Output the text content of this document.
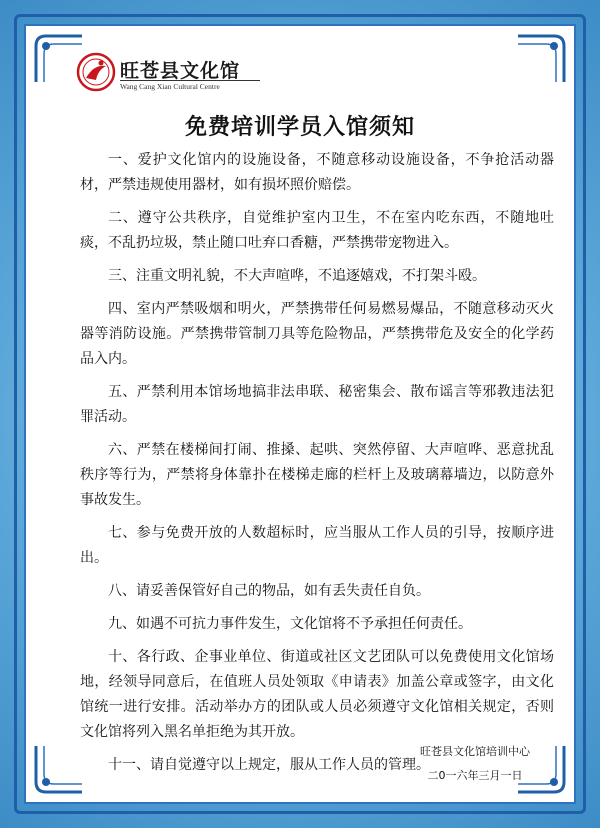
旺苍县文化馆
Wang Cang Xian Cultural Centre
免费培训学员入馆须知

一、爱护文化馆内的设施设备，不随意移动设施设备，不争抢活动器材，严禁违规使用器材，如有损坏照价赔偿。

二、遵守公共秩序，自觉维护室内卫生，不在室内吃东西，不随地吐痰，不乱扔垃圾，禁止随口吐弃口香糖，严禁携带宠物进入。

三、注重文明礼貌，不大声喧哗，不追逐嬉戏，不打架斗殴。

四、室内严禁吸烟和明火，严禁携带任何易燃易爆品，不随意移动灭火器等消防设施。严禁携带管制刀具等危险物品，严禁携带危及安全的化学药品入内。

五、严禁利用本馆场地搞非法串联、秘密集会、散布谣言等邪教违法犯罪活动。

六、严禁在楼梯间打闹、推搡、起哄、突然停留、大声喧哗、恶意扰乱秩序等行为，严禁将身体靠扑在楼梯走廊的栏杆上及玻璃幕墙边，以防意外事故发生。

七、参与免费开放的人数超标时，应当服从工作人员的引导，按顺序进出。

八、请妥善保管好自己的物品，如有丢失责任自负。

九、如遇不可抗力事件发生，文化馆将不予承担任何责任。

十、各行政、企事业单位、街道或社区文艺团队可以免费使用文化馆场地，经领导同意后，在值班人员处领取《申请表》加盖公章或签字，由文化馆统一进行安排。活动举办方的团队或人员必须遵守文化馆相关规定，否则文化馆将列入黑名单拒绝为其开放。

十一、请自觉遵守以上规定，服从工作人员的管理。

旺苍县文化馆培训中心
二0一六年三月一日
